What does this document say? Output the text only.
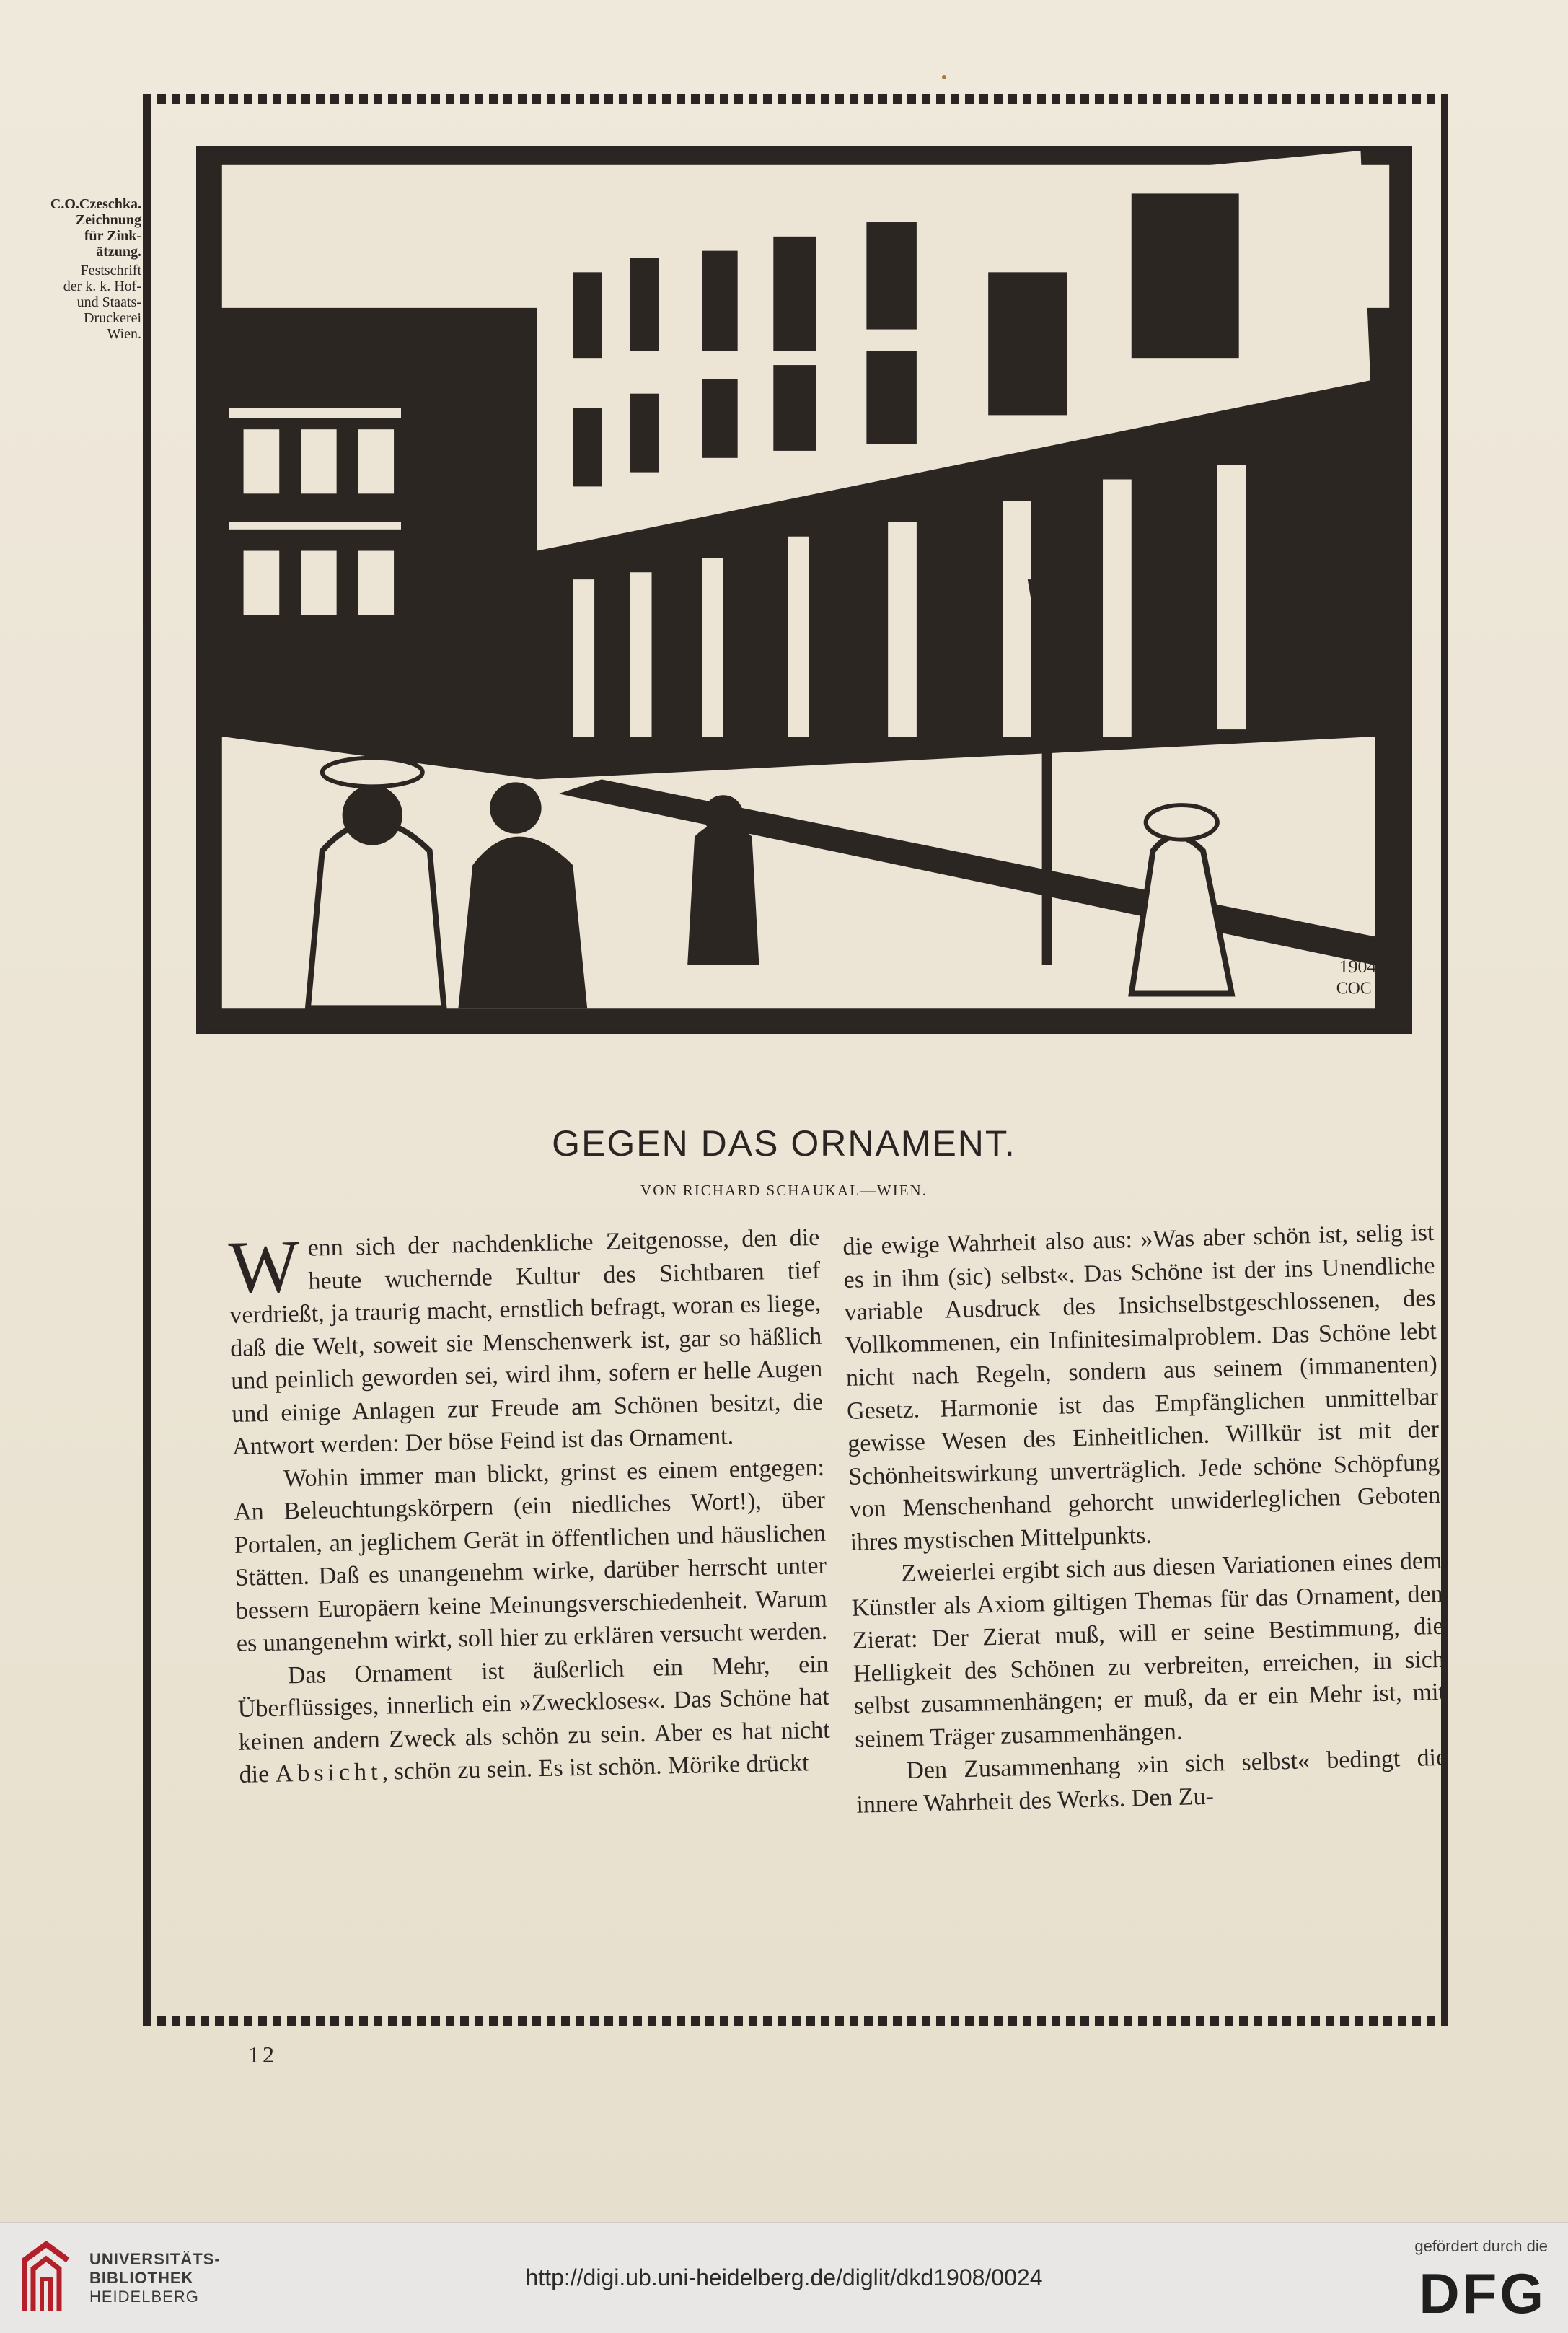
C.O.Czeschka.
Zeichnung
für Zink-
ätzung.
Festschrift
der k. k. Hof-
und Staats-
Druckerei
Wien.
1904
COC
GEGEN DAS ORNAMENT.
VON RICHARD SCHAUKAL—WIEN.

Wenn sich der nachdenkliche Zeitgenosse, den die heute wuchernde Kultur des Sichtbaren tief verdrießt, ja traurig macht, ernstlich befragt, woran es liege, daß die Welt, soweit sie Menschenwerk ist, gar so häßlich und peinlich geworden sei, wird ihm, sofern er helle Augen und einige Anlagen zur Freude am Schönen besitzt, die Antwort werden: Der böse Feind ist das Ornament.

Wohin immer man blickt, grinst es einem entgegen: An Beleuchtungskörpern (ein niedliches Wort!), über Portalen, an jeglichem Gerät in öffentlichen und häuslichen Stätten. Daß es unangenehm wirke, darüber herrscht unter bessern Europäern keine Meinungsverschiedenheit. Warum es unangenehm wirkt, soll hier zu erklären versucht werden.

Das Ornament ist äußerlich ein Mehr, ein Überflüssiges, innerlich ein »Zweckloses«. Das Schöne hat keinen andern Zweck als schön zu sein. Aber es hat nicht die Absicht, schön zu sein. Es ist schön. Mörike drückt

die ewige Wahrheit also aus: »Was aber schön ist, selig ist es in ihm (sic) selbst«. Das Schöne ist der ins Unendliche variable Ausdruck des Insichselbstgeschlossenen, des Vollkommenen, ein Infinitesimalproblem. Das Schöne lebt nicht nach Regeln, sondern aus seinem (immanenten) Gesetz. Harmonie ist das Empfänglichen unmittelbar gewisse Wesen des Einheitlichen. Willkür ist mit der Schönheitswirkung unverträglich. Jede schöne Schöpfung von Menschenhand gehorcht unwiderleglichen Geboten ihres mystischen Mittelpunkts.

Zweierlei ergibt sich aus diesen Variationen eines dem Künstler als Axiom giltigen Themas für das Ornament, den Zierat: Der Zierat muß, will er seine Bestimmung, die Helligkeit des Schönen zu verbreiten, erreichen, in sich selbst zusammenhängen; er muß, da er ein Mehr ist, mit seinem Träger zusammenhängen.

Den Zusammenhang »in sich selbst« bedingt die innere Wahrheit des Werks. Den Zu-

12
UNIVERSITÄTS-
BIBLIOTHEK
HEIDELBERG
http://digi.ub.uni-heidelberg.de/diglit/dkd1908/0024
gefördert durch die
DFG
